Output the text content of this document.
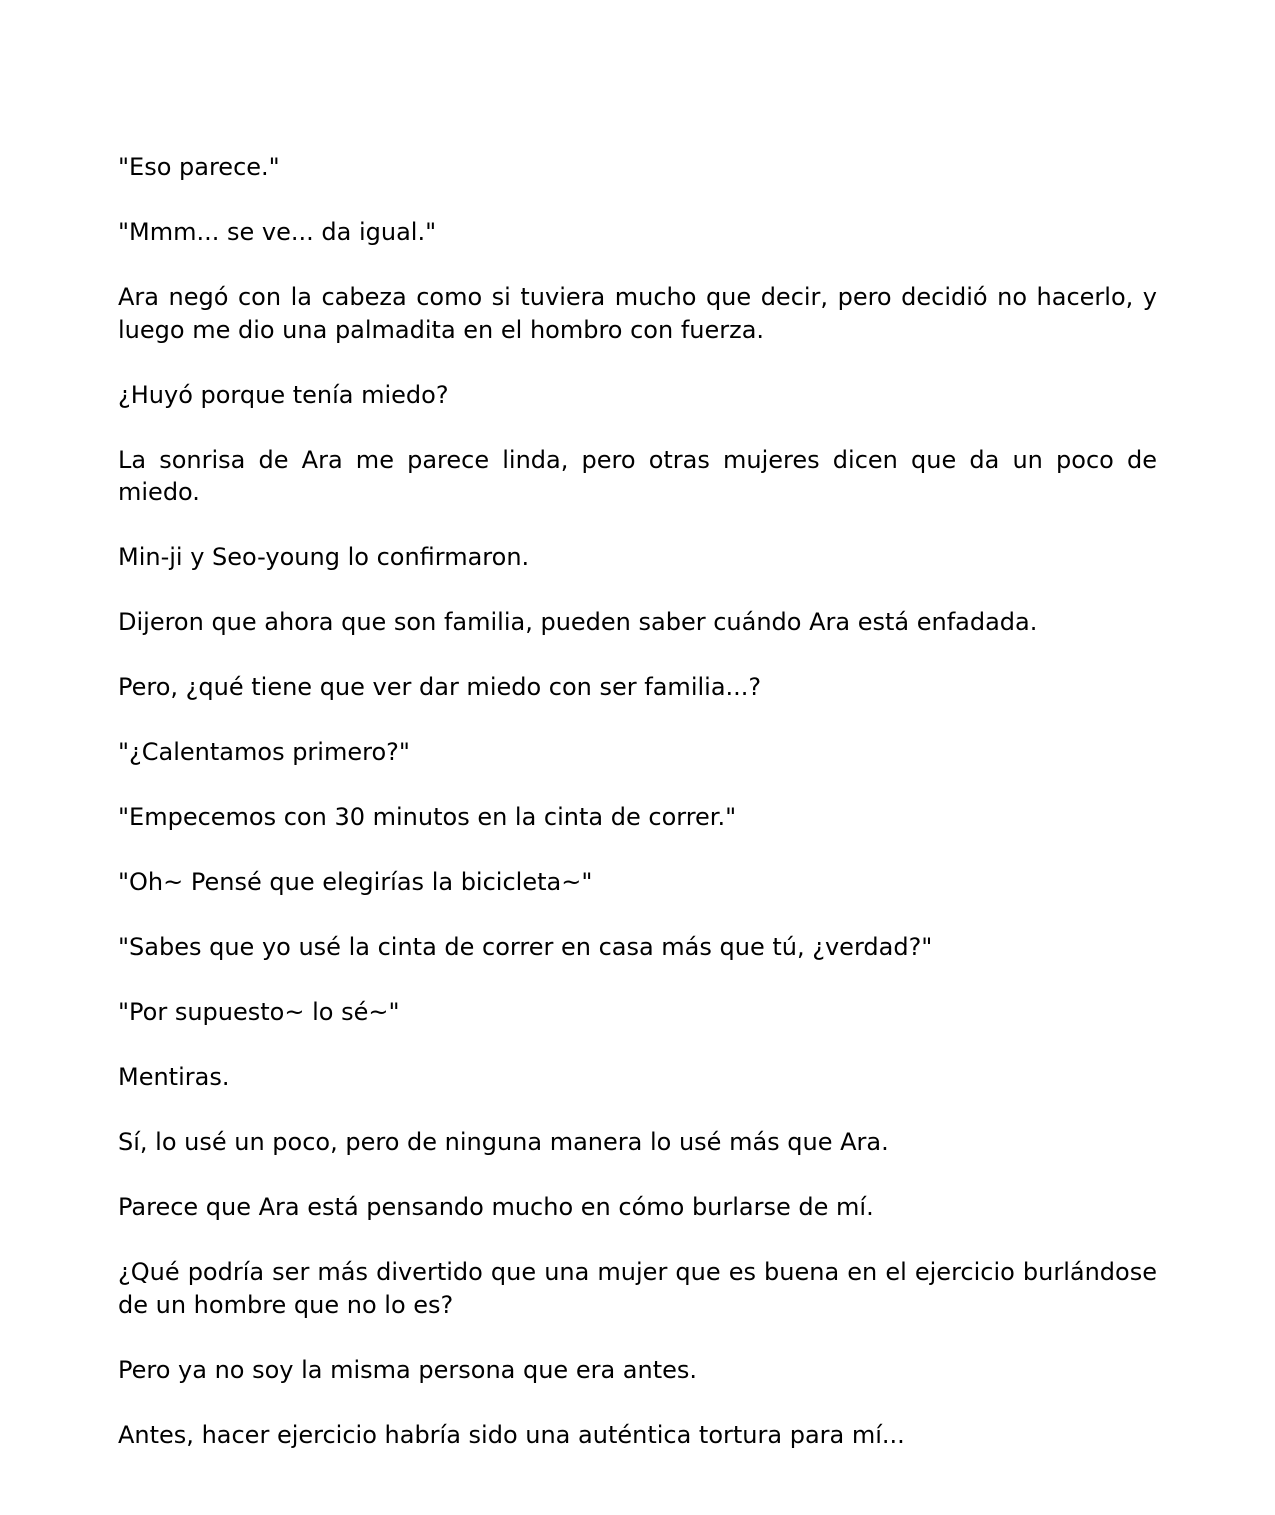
"Eso parece."

"Mmm... se ve... da igual."

Ara negó con la cabeza como si tuviera mucho que decir, pero decidió no hacerlo, y luego me dio una palmadita en el hombro con fuerza.

¿Huyó porque tenía miedo?

La sonrisa de Ara me parece linda, pero otras mujeres dicen que da un poco de miedo.

Min-ji y Seo-young lo confirmaron.

Dijeron que ahora que son familia, pueden saber cuándo Ara está enfadada.

Pero, ¿qué tiene que ver dar miedo con ser familia...?

"¿Calentamos primero?"

"Empecemos con 30 minutos en la cinta de correr."

"Oh~ Pensé que elegirías la bicicleta~"

"Sabes que yo usé la cinta de correr en casa más que tú, ¿verdad?"

"Por supuesto~ lo sé~"

Mentiras.

Sí, lo usé un poco, pero de ninguna manera lo usé más que Ara.

Parece que Ara está pensando mucho en cómo burlarse de mí.

¿Qué podría ser más divertido que una mujer que es buena en el ejercicio burlándose de un hombre que no lo es?

Pero ya no soy la misma persona que era antes.

Antes, hacer ejercicio habría sido una auténtica tortura para mí...
